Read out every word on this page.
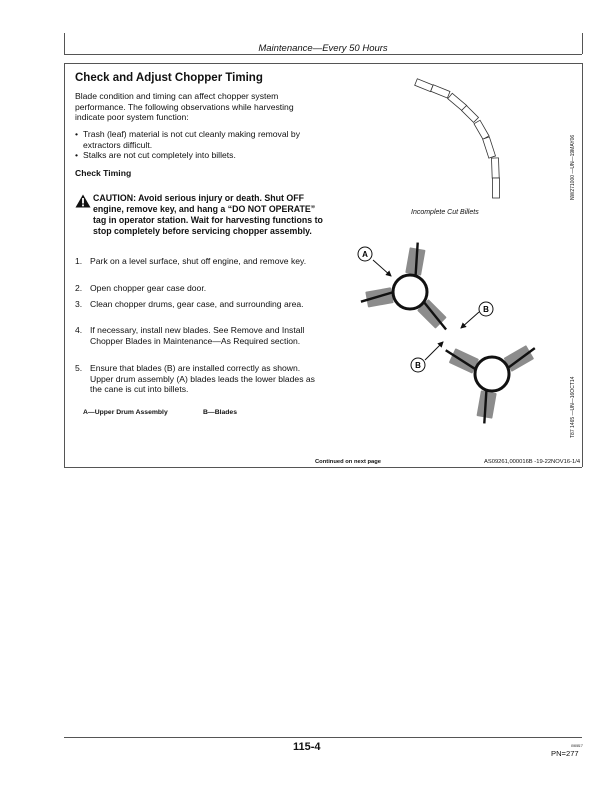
Maintenance—Every 50 Hours
Check and Adjust Chopper Timing
Blade condition and timing can affect chopper system performance. The following observations while harvesting indicate poor system function:
• Trash (leaf) material is not cut cleanly making removal by extractors difficult.
• Stalks are not cut completely into billets.
Check Timing
CAUTION: Avoid serious injury or death. Shut OFF engine, remove key, and hang a “DO NOT OPERATE” tag in operator station. Wait for harvesting functions to stop completely before servicing chopper assembly.
1. Park on a level surface, shut off engine, and remove key.
2. Open chopper gear case door.
3. Clean chopper drums, gear case, and surrounding area.
4. If necessary, install new blades. See Remove and Install Chopper Blades in Maintenance—As Required section.
5. Ensure that blades (B) are installed correctly as shown. Upper drum assembly (A) blades leads the lower blades as the cane is cut into billets.
A—Upper Drum Assembly	B—Blades
Incomplete Cut Billets
NW271000 —UN—19MAY06
A
B
B
T87 1465 —UN—16OCT14
Continued on next page	AS09261,000016B -19-22NOV16-1/4
115-4	090817
PN=277
